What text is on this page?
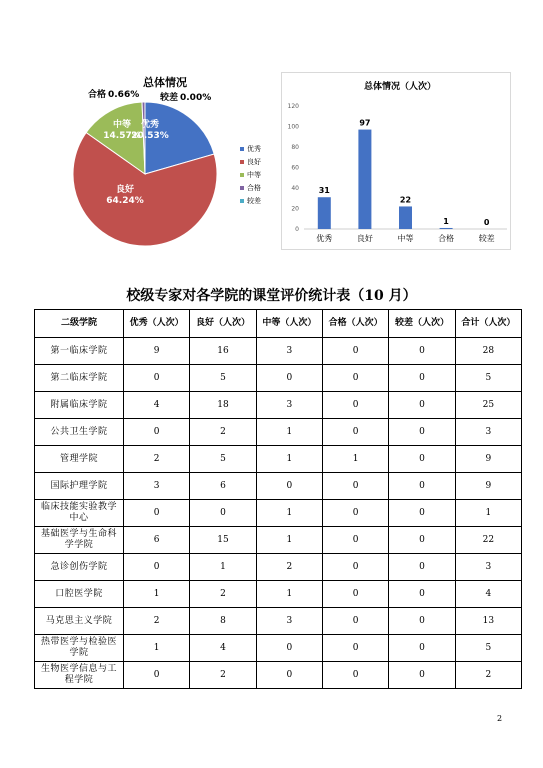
总体情况
优秀
20.53%
良好
64.24%
中等
14.57%
合格 0.66% 较差 0.00%
优秀
良好
中等
合格
较差
总体情况（人次）
0
20
40
60
80
100
120
31
优秀
97
良好
22
中等
1
合格
0
较差
校级专家对各学院的课堂评价统计表（10 月）
二级学院	优秀（人次）	良好（人次）	中等（人次）	合格（人次）	较差（人次）	合计（人次）
第一临床学院	9	16	3	0	0	28
第二临床学院	0	5	0	0	0	5
附属临床学院	4	18	3	0	0	25
公共卫生学院	0	2	1	0	0	3
管理学院	2	5	1	1	0	9
国际护理学院	3	6	0	0	0	9
临床技能实验教学中心	0	0	1	0	0	1
基础医学与生命科学学院	6	15	1	0	0	22
急诊创伤学院	0	1	2	0	0	3
口腔医学院	1	2	1	0	0	4
马克思主义学院	2	8	3	0	0	13
热带医学与检验医学院	1	4	0	0	0	5
生物医学信息与工程学院	0	2	0	0	0	2
2
